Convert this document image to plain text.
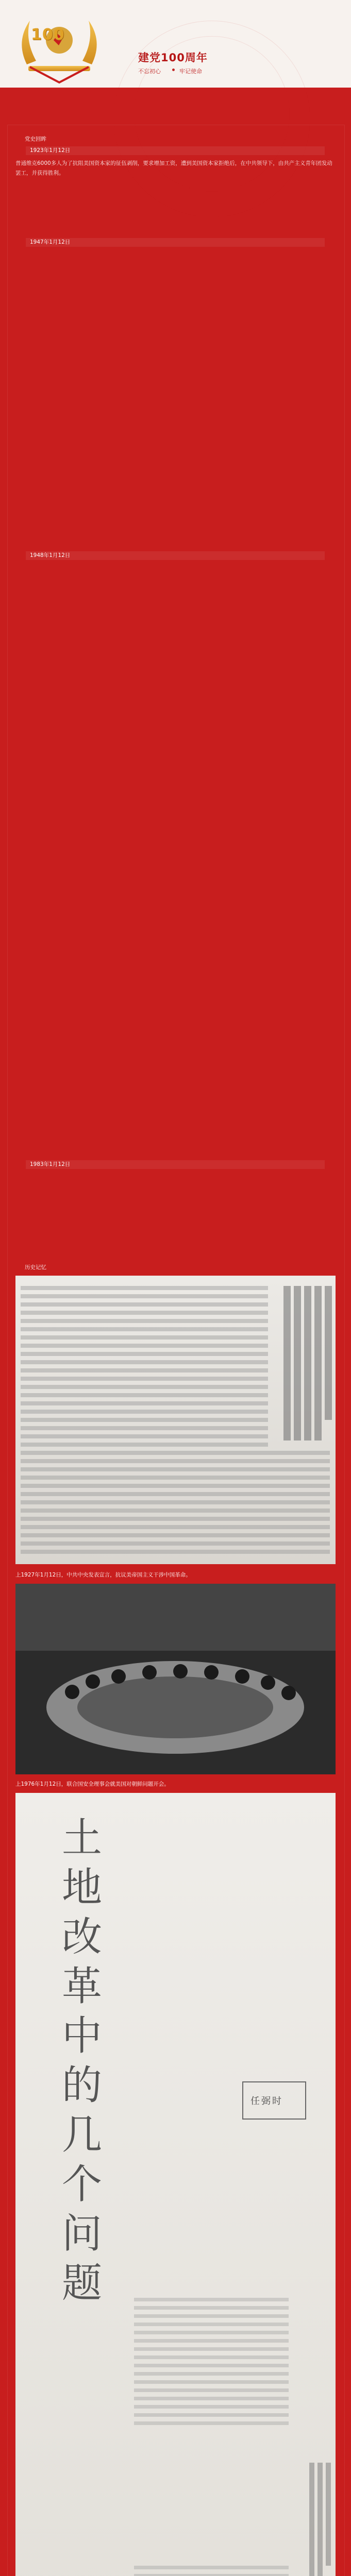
100
建党100周年
不忘初心	牢记使命
党史回眸
1923年1月12日
普通维克6000多人为了抗阻美国资本家的征伍剥削，要求增加工资，遭到美国资本家拒绝后，在中共领导下，由共产主义青年团发动罢工，并获得胜利。
1947年1月12日
1948年1月12日
1983年1月12日
历史记忆
上1927年1月12日，中共中央发表宣言，抗议美帝国主义干涉中国革命。
上1976年1月12日，联合国安全理事会就美国对朝鲜问题开会。
土
地
改
革
中
的
几
个
问
题
任弼时
